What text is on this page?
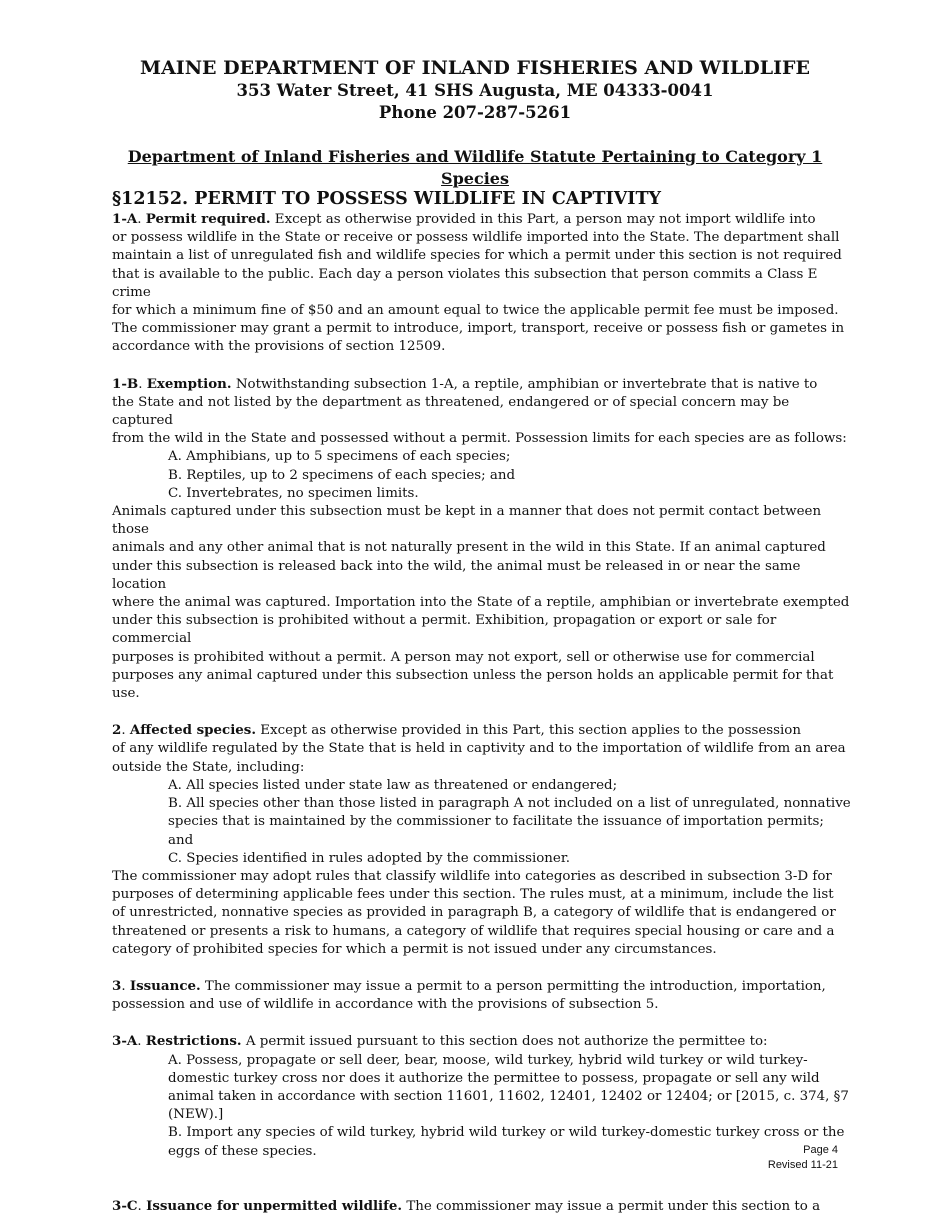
MAINE DEPARTMENT OF INLAND FISHERIES AND WILDLIFE
353 Water Street, 41 SHS Augusta, ME 04333-0041
Phone 207-287-5261
Department of Inland Fisheries and Wildlife Statute Pertaining to Category 1 Species
§12152. PERMIT TO POSSESS WILDLIFE IN CAPTIVITY
1-A. Permit required. Except as otherwise provided in this Part, a person may not import wildlife into
or possess wildlife in the State or receive or possess wildlife imported into the State. The department shall
maintain a list of unregulated fish and wildlife species for which a permit under this section is not required
that is available to the public. Each day a person violates this subsection that person commits a Class E crime
for which a minimum fine of $50 and an amount equal to twice the applicable permit fee must be imposed.
The commissioner may grant a permit to introduce, import, transport, receive or possess fish or gametes in
accordance with the provisions of section 12509.
1-B. Exemption. Notwithstanding subsection 1-A, a reptile, amphibian or invertebrate that is native to
the State and not listed by the department as threatened, endangered or of special concern may be captured
from the wild in the State and possessed without a permit. Possession limits for each species are as follows:
A. Amphibians, up to 5 specimens of each species;
B. Reptiles, up to 2 specimens of each species; and
C. Invertebrates, no specimen limits.
Animals captured under this subsection must be kept in a manner that does not permit contact between those
animals and any other animal that is not naturally present in the wild in this State. If an animal captured
under this subsection is released back into the wild, the animal must be released in or near the same location
where the animal was captured. Importation into the State of a reptile, amphibian or invertebrate exempted
under this subsection is prohibited without a permit. Exhibition, propagation or export or sale for commercial
purposes is prohibited without a permit. A person may not export, sell or otherwise use for commercial
purposes any animal captured under this subsection unless the person holds an applicable permit for that
use.
2. Affected species. Except as otherwise provided in this Part, this section applies to the possession
of any wildlife regulated by the State that is held in captivity and to the importation of wildlife from an area
outside the State, including:
A. All species listed under state law as threatened or endangered;
B. All species other than those listed in paragraph A not included on a list of unregulated, nonnative
species that is maintained by the commissioner to facilitate the issuance of importation permits; and
C. Species identified in rules adopted by the commissioner.
The commissioner may adopt rules that classify wildlife into categories as described in subsection 3-D for
purposes of determining applicable fees under this section. The rules must, at a minimum, include the list
of unrestricted, nonnative species as provided in paragraph B, a category of wildlife that is endangered or
threatened or presents a risk to humans, a category of wildlife that requires special housing or care and a
category of prohibited species for which a permit is not issued under any circumstances.
3. Issuance. The commissioner may issue a permit to a person permitting the introduction, importation,
possession and use of wildlife in accordance with the provisions of subsection 5.
3-A. Restrictions. A permit issued pursuant to this section does not authorize the permittee to:
A. Possess, propagate or sell deer, bear, moose, wild turkey, hybrid wild turkey or wild turkey-
domestic turkey cross nor does it authorize the permittee to possess, propagate or sell any wild
animal taken in accordance with section 11601, 11602, 12401, 12402 or 12404; or [2015, c. 374, §7
(NEW).]
B. Import any species of wild turkey, hybrid wild turkey or wild turkey-domestic turkey cross or the
eggs of these species.
3-C. Issuance for unpermitted wildlife. The commissioner may issue a permit under this section to a
Page 4
Revised 11-21
